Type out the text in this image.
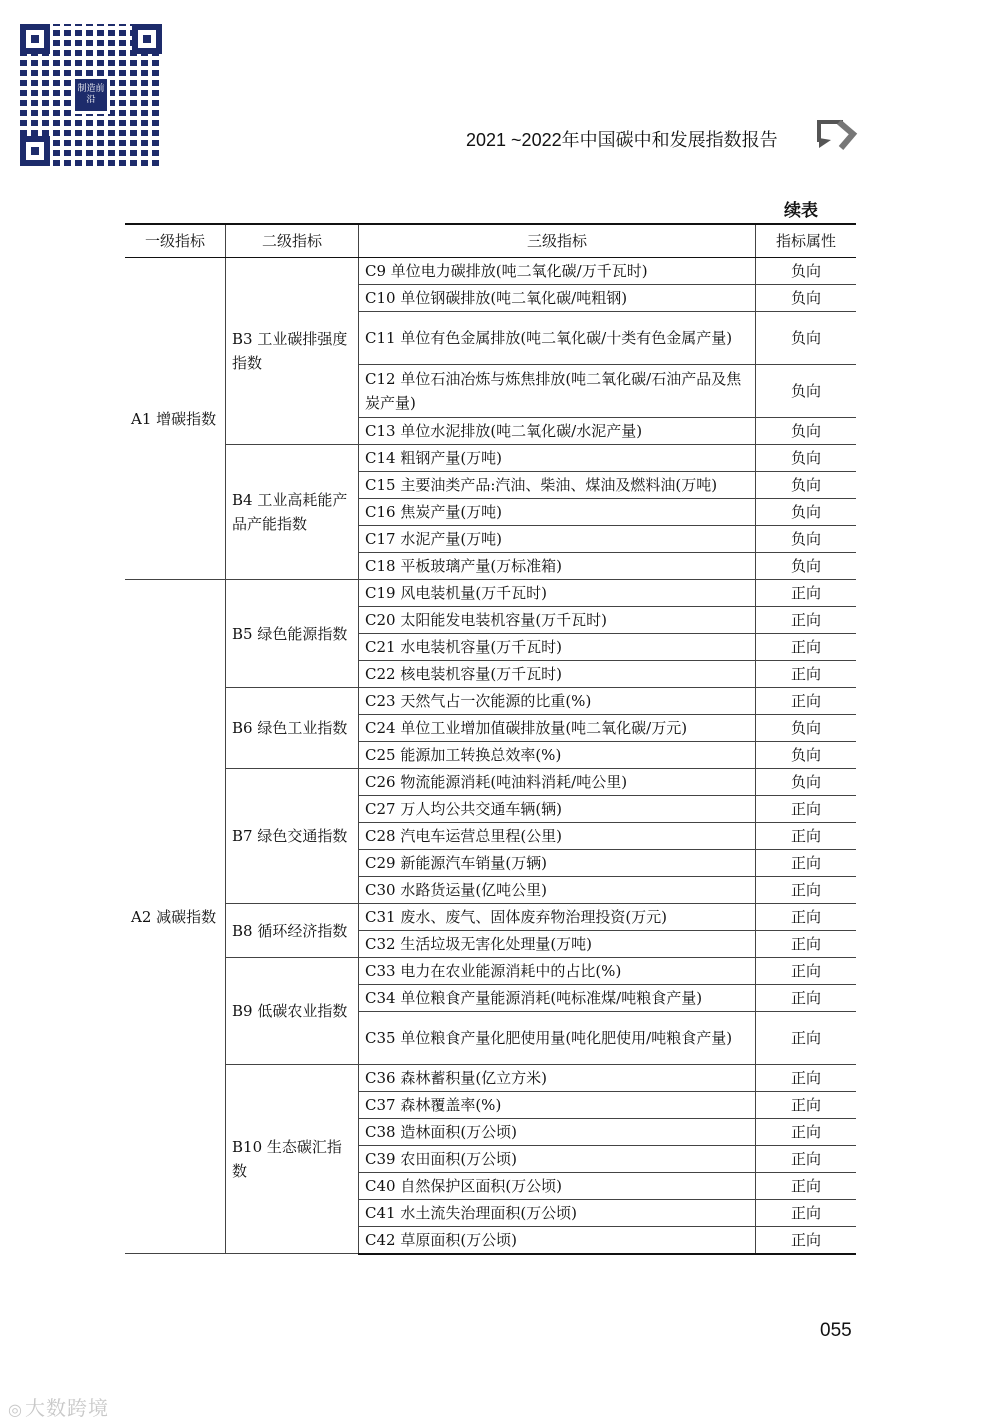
制造前沿
2021 ~2022年中国碳中和发展指数报告
续表
一级指标	二级指标	三级指标	指标属性
A1 增碳指数	B3 工业碳排强度指数	C9 单位电力碳排放(吨二氧化碳/万千瓦时)	负向
		C10 单位钢碳排放(吨二氧化碳/吨粗钢)	负向
		C11 单位有色金属排放(吨二氧化碳/十类有色金属产量)	负向
		C12 单位石油冶炼与炼焦排放(吨二氧化碳/石油产品及焦炭产量)	负向
		C13 单位水泥排放(吨二氧化碳/水泥产量)	负向
	B4 工业高耗能产品产能指数	C14 粗钢产量(万吨)	负向
		C15 主要油类产品:汽油、柴油、煤油及燃料油(万吨)	负向
		C16 焦炭产量(万吨)	负向
		C17 水泥产量(万吨)	负向
		C18 平板玻璃产量(万标准箱)	负向
A2 减碳指数	B5 绿色能源指数	C19 风电装机量(万千瓦时)	正向
		C20 太阳能发电装机容量(万千瓦时)	正向
		C21 水电装机容量(万千瓦时)	正向
		C22 核电装机容量(万千瓦时)	正向
	B6 绿色工业指数	C23 天然气占一次能源的比重(%)	正向
		C24 单位工业增加值碳排放量(吨二氧化碳/万元)	负向
		C25 能源加工转换总效率(%)	负向
	B7 绿色交通指数	C26 物流能源消耗(吨油料消耗/吨公里)	负向
		C27 万人均公共交通车辆(辆)	正向
		C28 汽电车运营总里程(公里)	正向
		C29 新能源汽车销量(万辆)	正向
		C30 水路货运量(亿吨公里)	正向
	B8 循环经济指数	C31 废水、废气、固体废弃物治理投资(万元)	正向
		C32 生活垃圾无害化处理量(万吨)	正向
	B9 低碳农业指数	C33 电力在农业能源消耗中的占比(%)	正向
		C34 单位粮食产量能源消耗(吨标准煤/吨粮食产量)	正向
		C35 单位粮食产量化肥使用量(吨化肥使用/吨粮食产量)	正向
	B10 生态碳汇指数	C36 森林蓄积量(亿立方米)	正向
		C37 森林覆盖率(%)	正向
		C38 造林面积(万公顷)	正向
		C39 农田面积(万公顷)	正向
		C40 自然保护区面积(万公顷)	正向
		C41 水土流失治理面积(万公顷)	正向
		C42 草原面积(万公顷)	正向
055
◎ 大数跨境
